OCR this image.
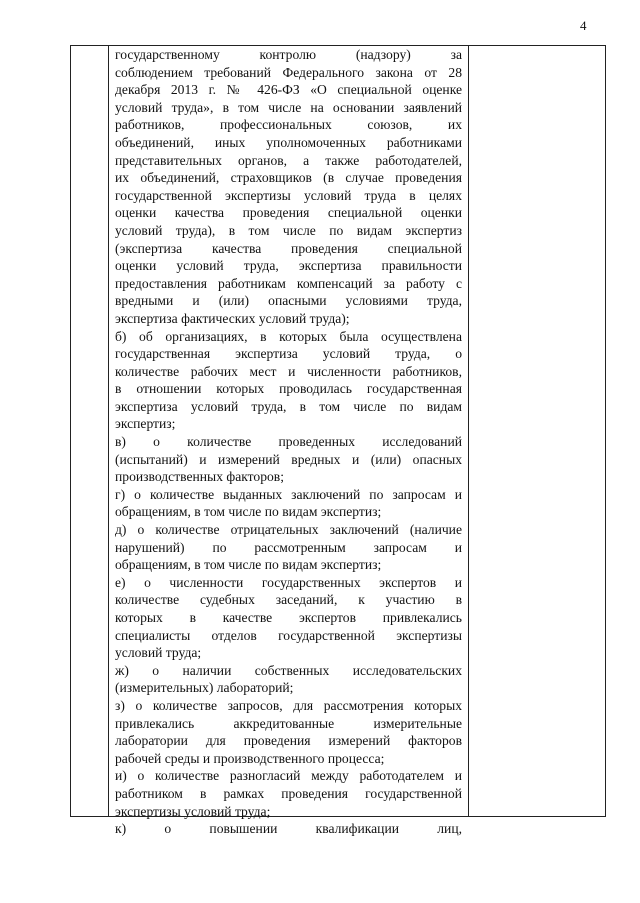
4
государственному контролю (надзору) за
соблюдением требований Федерального закона от 28
декабря 2013 г. № 426-ФЗ «О специальной оценке
условий труда», в том числе на основании заявлений
работников, профессиональных союзов, их
объединений, иных уполномоченных работниками
представительных органов, а также работодателей,
их объединений, страховщиков (в случае проведения
государственной экспертизы условий труда в целях
оценки качества проведения специальной оценки
условий труда), в том числе по видам экспертиз
(экспертиза качества проведения специальной
оценки условий труда, экспертиза правильности
предоставления работникам компенсаций за работу с
вредными и (или) опасными условиями труда,
экспертиза фактических условий труда);
б) об организациях, в которых была осуществлена
государственная экспертиза условий труда, о
количестве рабочих мест и численности работников,
в отношении которых проводилась государственная
экспертиза условий труда, в том числе по видам
экспертиз;
в) о количестве проведенных исследований
(испытаний) и измерений вредных и (или) опасных
производственных факторов;
г) о количестве выданных заключений по запросам и
обращениям, в том числе по видам экспертиз;
д) о количестве отрицательных заключений (наличие
нарушений) по рассмотренным запросам и
обращениям, в том числе по видам экспертиз;
е) о численности государственных экспертов и
количестве судебных заседаний, к участию в
которых в качестве экспертов привлекались
специалисты отделов государственной экспертизы
условий труда;
ж) о наличии собственных исследовательских
(измерительных) лабораторий;
з) о количестве запросов, для рассмотрения которых
привлекались аккредитованные измерительные
лаборатории для проведения измерений факторов
рабочей среды и производственного процесса;
и) о количестве разногласий между работодателем и
работником в рамках проведения государственной
экспертизы условий труда;
к) о повышении квалификации лиц,
